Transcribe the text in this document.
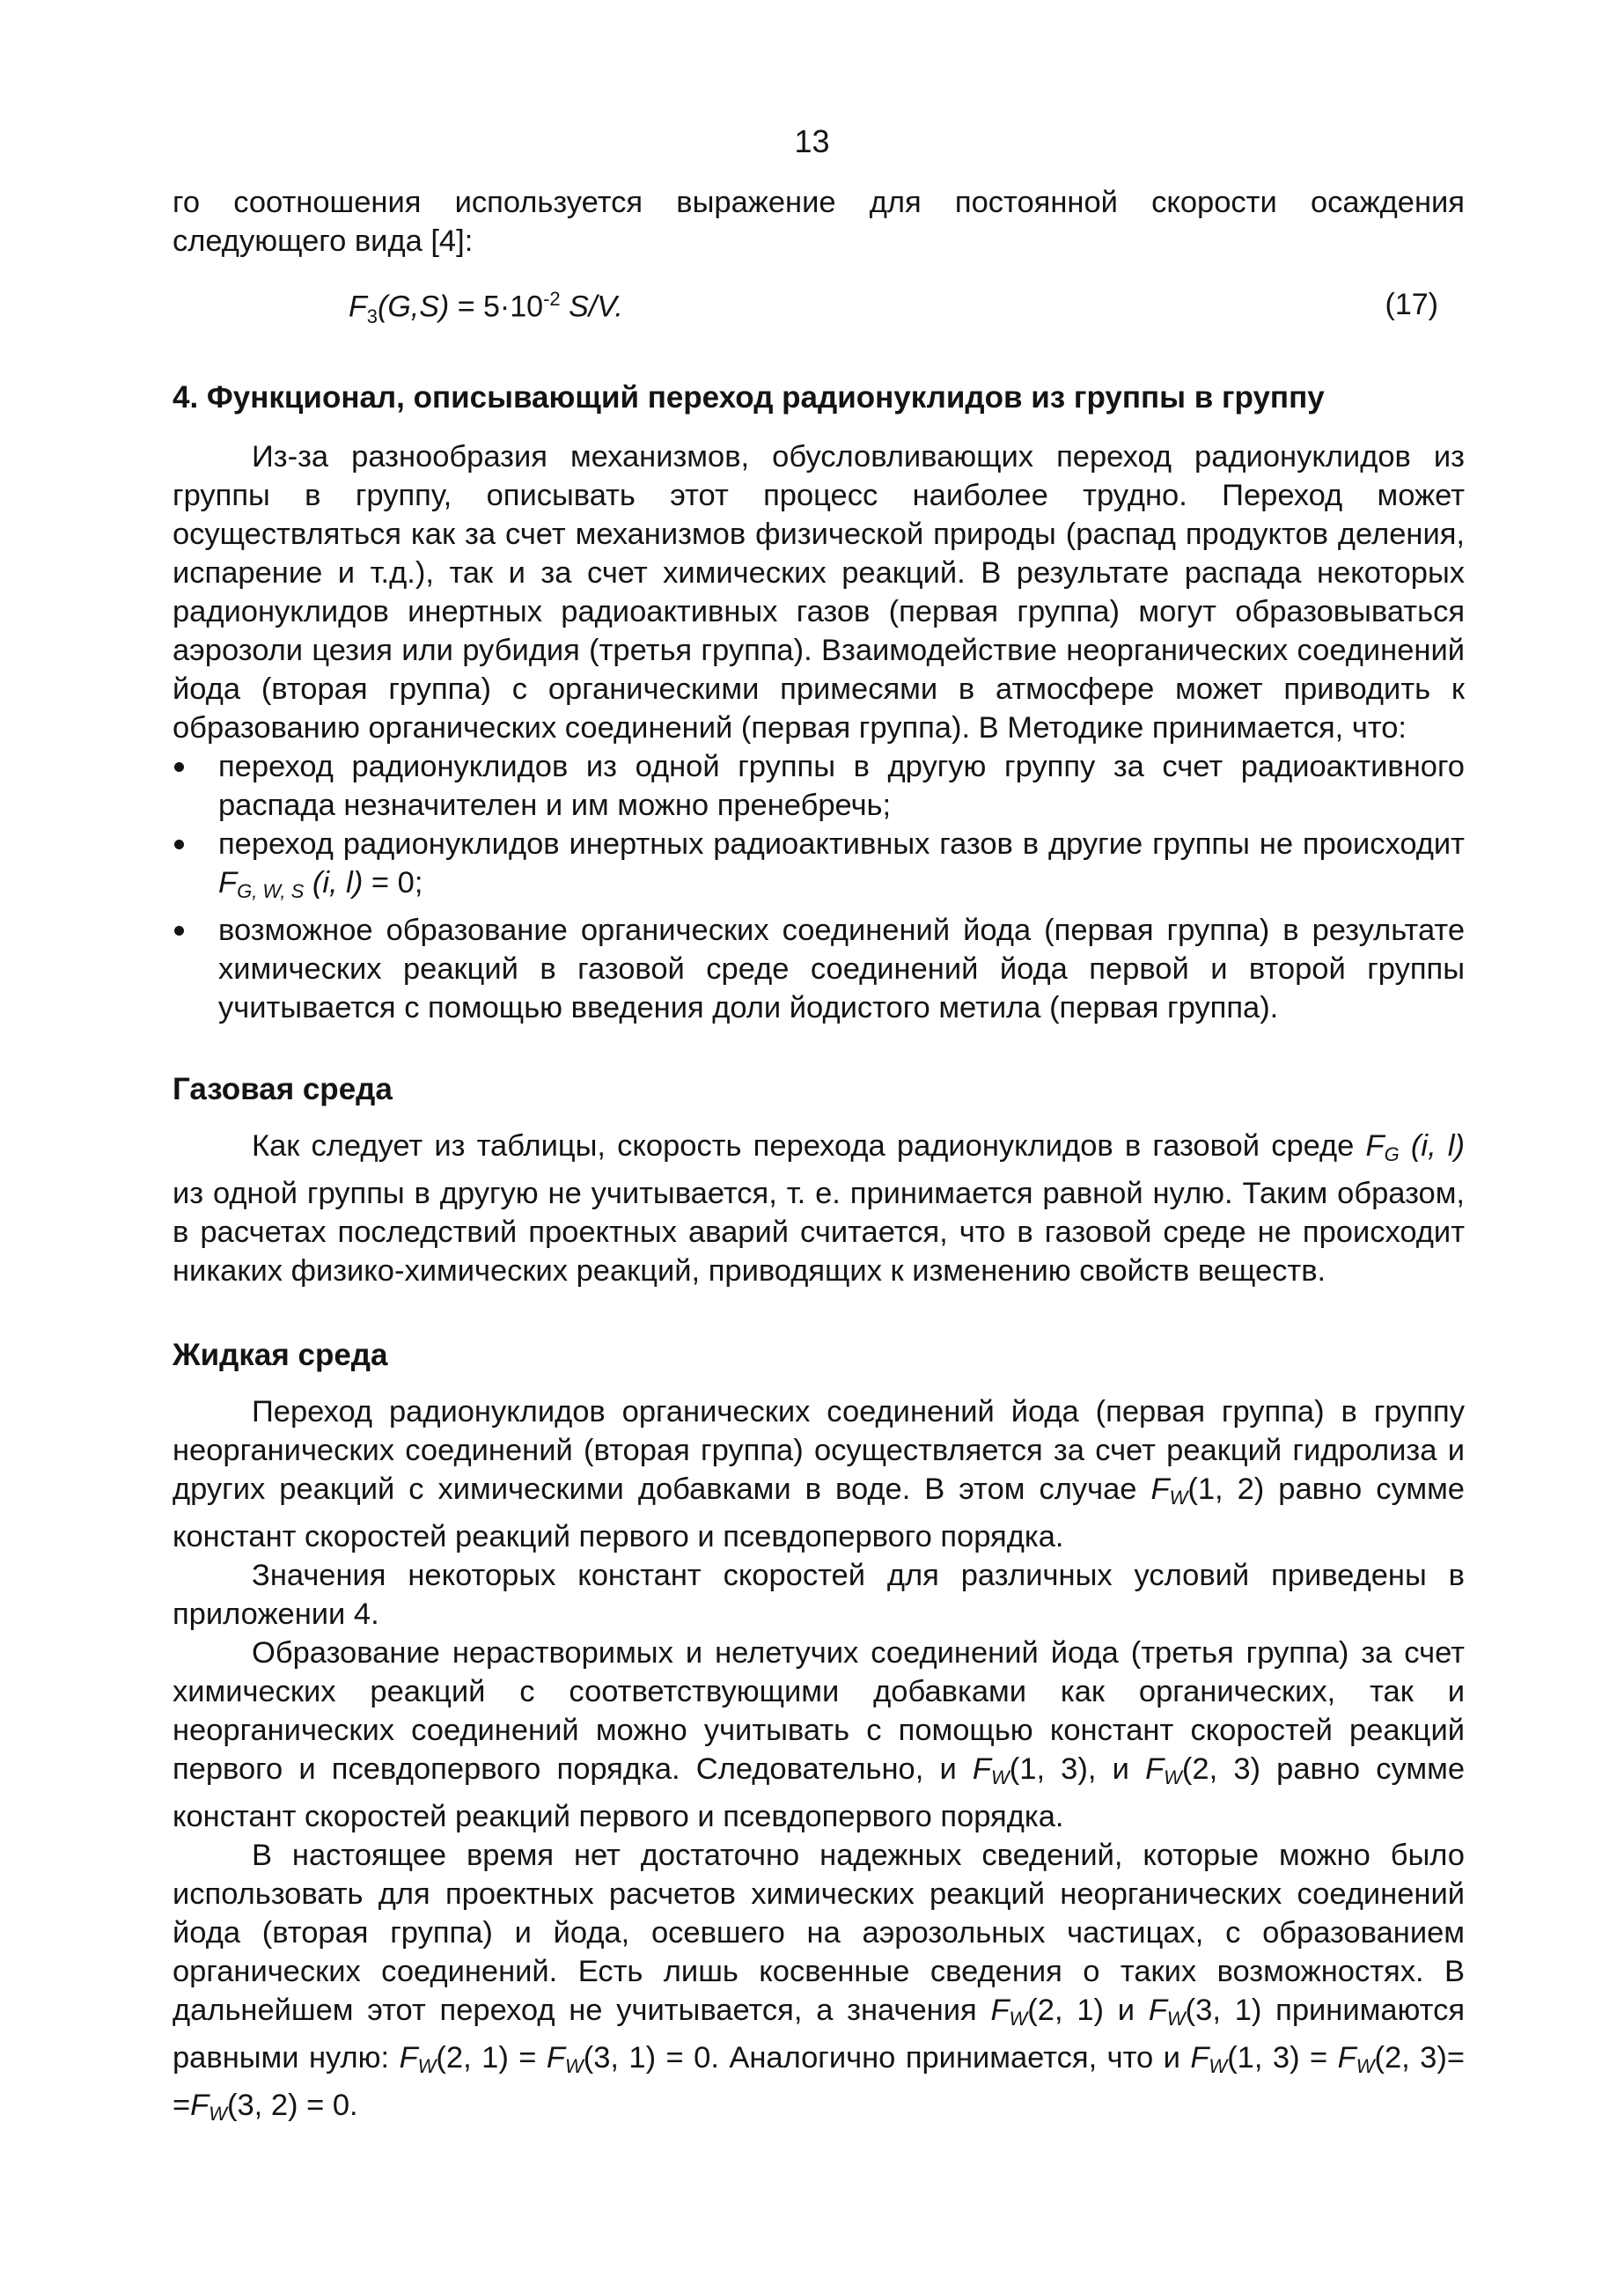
13

го соотношения используется выражение для постоянной скорости осаждения следующего вида [4]:

$F_3(G,S) = 5\cdot 10^{-2}$ S/V.	(17)
4. Функционал, описывающий переход радионуклидов из группы в группу

Из-за разнообразия механизмов, обусловливающих переход радионуклидов из группы в группу, описывать этот процесс наиболее трудно. Переход может осуществляться как за счет механизмов физической природы (распад продуктов деления, испарение и т.д.), так и за счет химических реакций. В результате распада некоторых радионуклидов инертных радиоактивных газов (первая группа) могут образовываться аэрозоли цезия или рубидия (третья группа). Взаимодействие неорганических соединений йода (вторая группа) с органическими примесями в атмосфере может приводить к образованию органических соединений (первая группа). В Методике принимается, что:

переход радионуклидов из одной группы в другую группу за счет радиоактивного распада незначителен и им можно пренебречь;
переход радионуклидов инертных радиоактивных газов в другие группы не происходит $F_{G, W, S}$ (i, l) = 0;
возможное образование органических соединений йода (первая группа) в результате химических реакций в газовой среде соединений йода первой и второй группы учитывается с помощью введения доли йодистого метила (первая группа).
Газовая среда

Как следует из таблицы, скорость перехода радионуклидов в газовой среде $F_G$ (i, l) из одной группы в другую не учитывается, т. е. принимается равной нулю. Таким образом, в расчетах последствий проектных аварий считается, что в газовой среде не происходит никаких физико-химических реакций, приводящих к изменению свойств веществ.

Жидкая среда

Переход радионуклидов органических соединений йода (первая группа) в группу неорганических соединений (вторая группа) осуществляется за счет реакций гидролиза и других реакций с химическими добавками в воде. В этом случае $F_W(1$, 2) равно сумме констант скоростей реакций первого и псевдопервого порядка.

Значения некоторых констант скоростей для различных условий приведены в приложении 4.

Образование нерастворимых и нелетучих соединений йода (третья группа) за счет химических реакций с соответствующими добавками как органических, так и неорганических соединений можно учитывать с помощью констант скоростей реакций первого и псевдопервого порядка. Следовательно, и $F_W(1$, 3), и $F_W(2$, 3) равно сумме констант скоростей реакций первого и псевдопервого порядка.

В настоящее время нет достаточно надежных сведений, которые можно было использовать для проектных расчетов химических реакций неорганических соединений йода (вторая группа) и йода, осевшего на аэрозольных частицах, с образованием органических соединений. Есть лишь косвенные сведения о таких возможностях. В дальнейшем этот переход не учитывается, а значения $F_W(2$, 1) и $F_W(3$, 1) принимаются равными нулю: $F_W(2$, $1) = F_W(3$, 1) = 0. Аналогично принимается, что и $F_W(1$, $3) = F_W(2$, $3)= =F_W(3$, 2) = 0.
